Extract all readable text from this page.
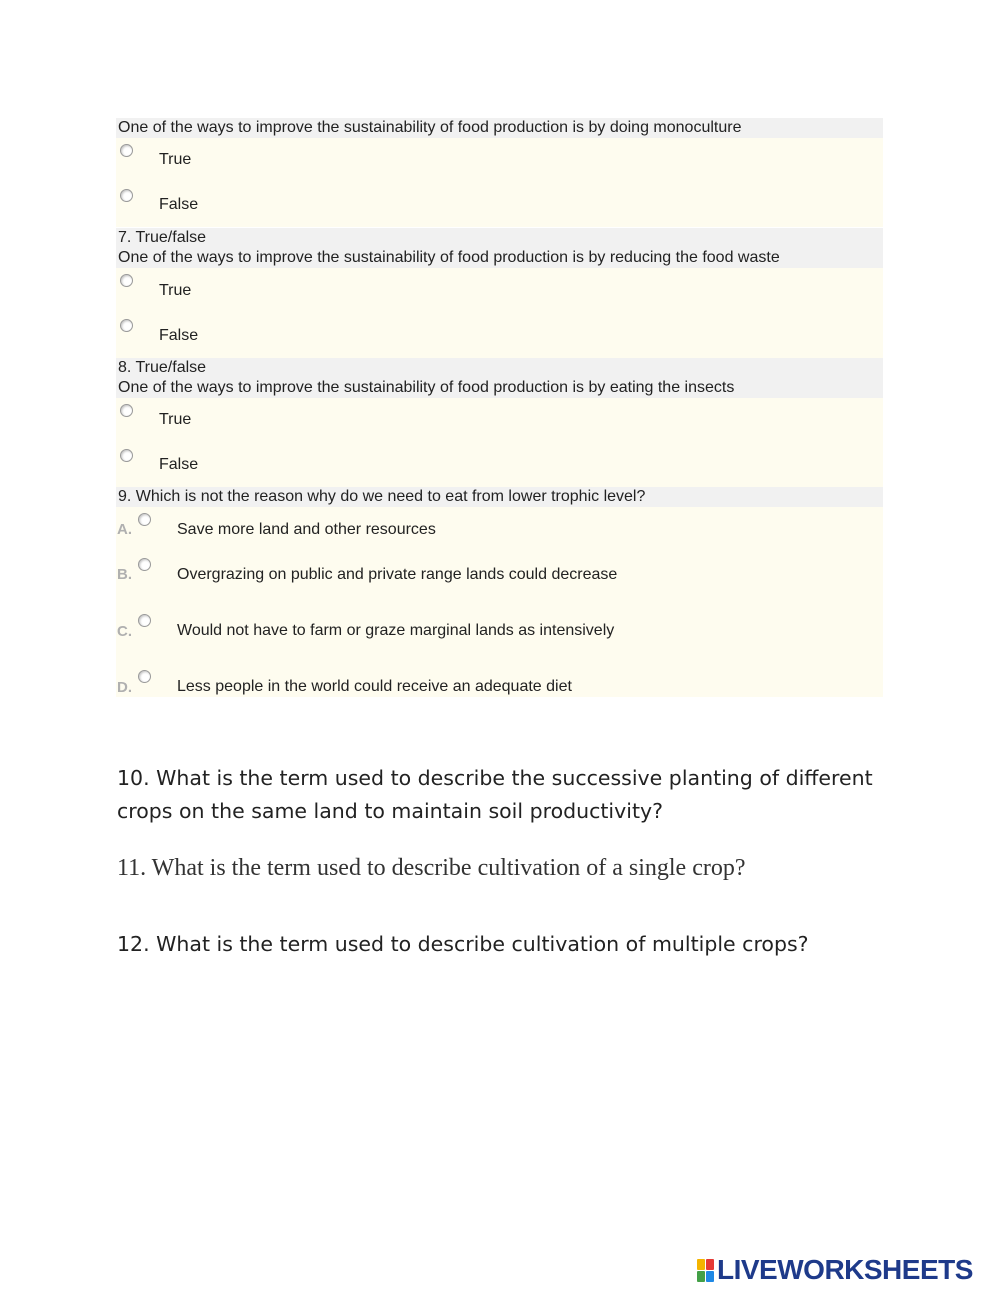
One of the ways to improve the sustainability of food production is by doing monoculture
True
False
7. True/false
One of the ways to improve the sustainability of food production is by reducing the food waste
True
False
8. True/false
One of the ways to improve the sustainability of food production is by eating the insects
True
False
9. Which is not the reason why do we need to eat from lower trophic level?
A.	Save more land and other resources
B.	Overgrazing on public and private range lands could decrease
C.	Would not have to farm or graze marginal lands as intensively
D.	Less people in the world could receive an adequate diet
10. What is the term used to describe the successive planting of different crops on the same land to maintain soil productivity?
11. What is the term used to describe cultivation of a single crop?
12. What is the term used to describe cultivation of multiple crops?
LIVEWORKSHEETS
